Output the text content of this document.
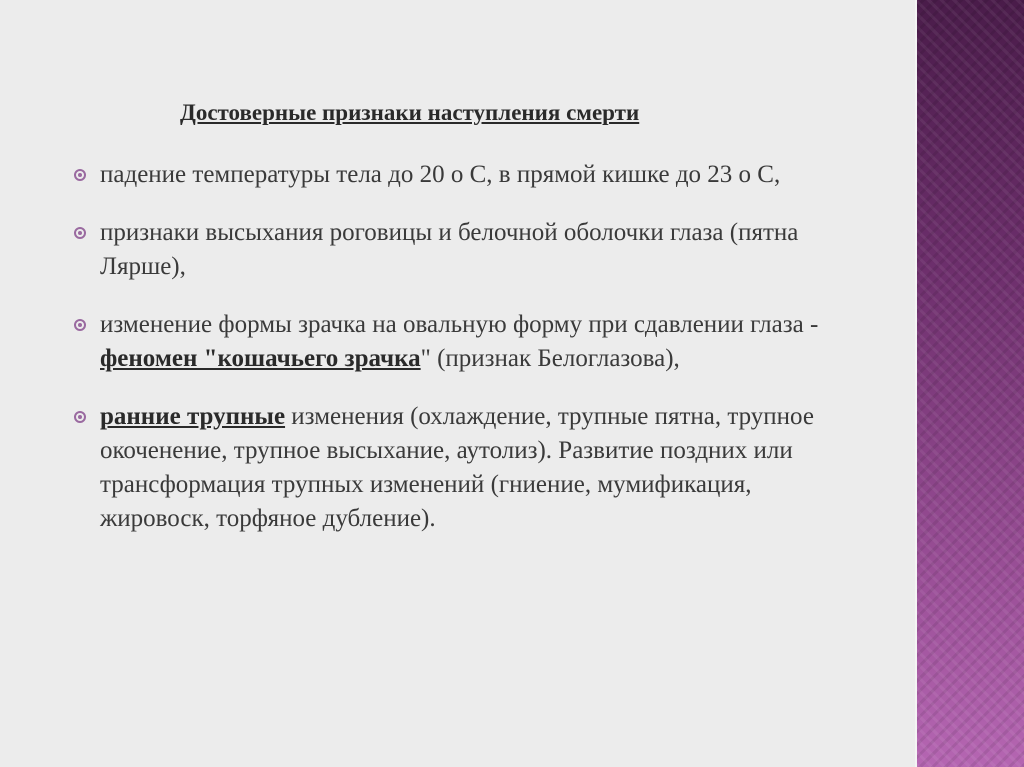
Достоверные признаки наступления смерти
падение температуры тела до 20 о С, в прямой кишке до 23 о С,
признаки высыхания роговицы и белочной оболочки глаза (пятна Лярше),
изменение формы зрачка на овальную форму при сдавлении глаза - феномен "кошачьего зрачка" (признак Белоглазова),
ранние трупные изменения (охлаждение, трупные пятна, трупное окоченение, трупное высыхание, аутолиз). Развитие поздних или трансформация трупных изменений (гниение, мумификация, жировоск, торфяное дубление).
